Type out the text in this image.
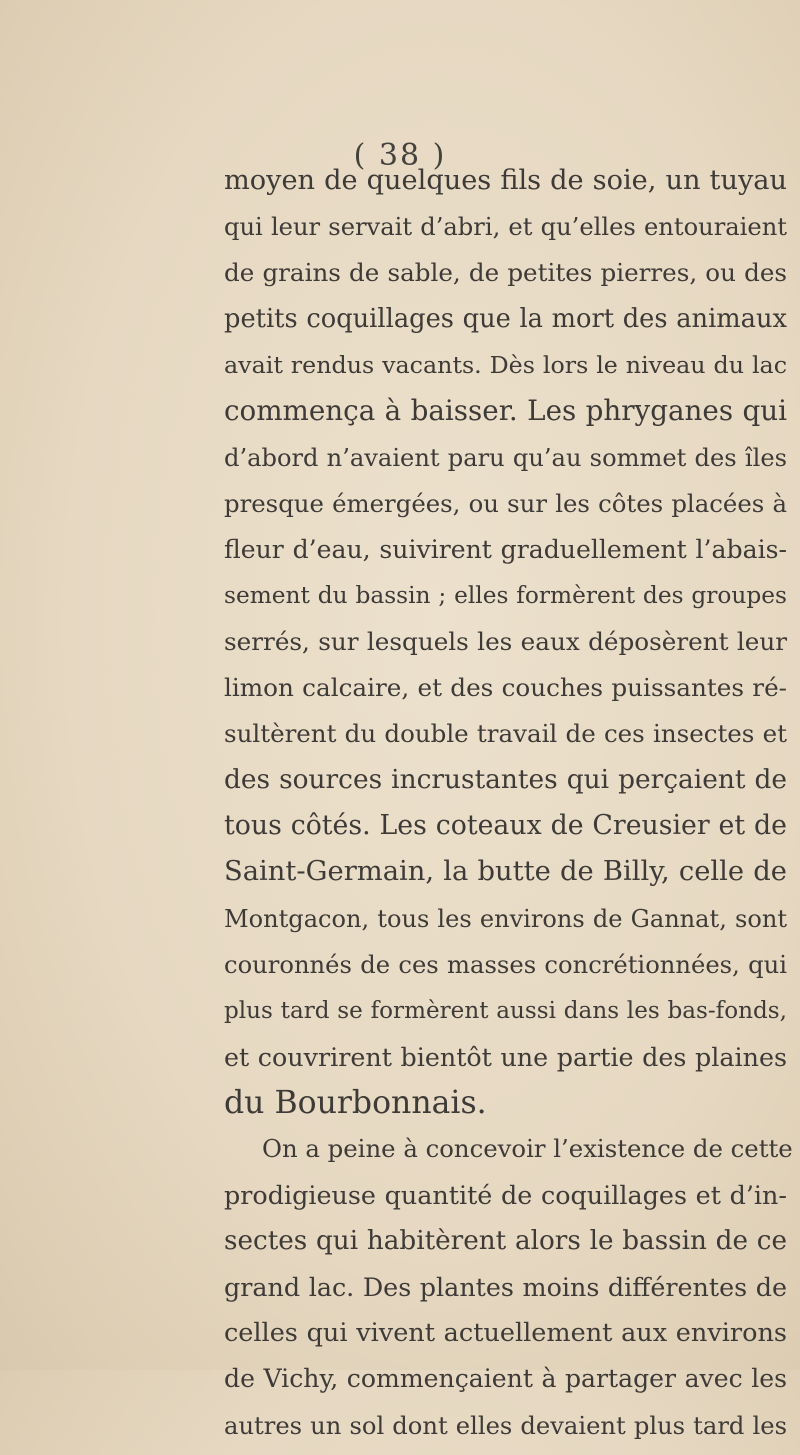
( 38 )
moyen de quelques fils de soie, un tuyau
qui leur servait d’abri, et qu’elles entouraient
de grains de sable, de petites pierres, ou des
petits coquillages que la mort des animaux
avait rendus vacants. Dès lors le niveau du lac
commença à baisser. Les phryganes qui
d’abord n’avaient paru qu’au sommet des îles
presque émergées, ou sur les côtes placées à
fleur d’eau, suivirent graduellement l’abais-
sement du bassin ; elles formèrent des groupes
serrés, sur lesquels les eaux déposèrent leur
limon calcaire, et des couches puissantes ré-
sultèrent du double travail de ces insectes et
des sources incrustantes qui perçaient de
tous côtés. Les coteaux de Creusier et de
Saint-Germain, la butte de Billy, celle de
Montgacon, tous les environs de Gannat, sont
couronnés de ces masses concrétionnées, qui
plus tard se formèrent aussi dans les bas-fonds,
et couvrirent bientôt une partie des plaines
du Bourbonnais.
On a peine à concevoir l’existence de cette
prodigieuse quantité de coquillages et d’in-
sectes qui habitèrent alors le bassin de ce
grand lac. Des plantes moins différentes de
celles qui vivent actuellement aux environs
de Vichy, commençaient à partager avec les
autres un sol dont elles devaient plus tard les
